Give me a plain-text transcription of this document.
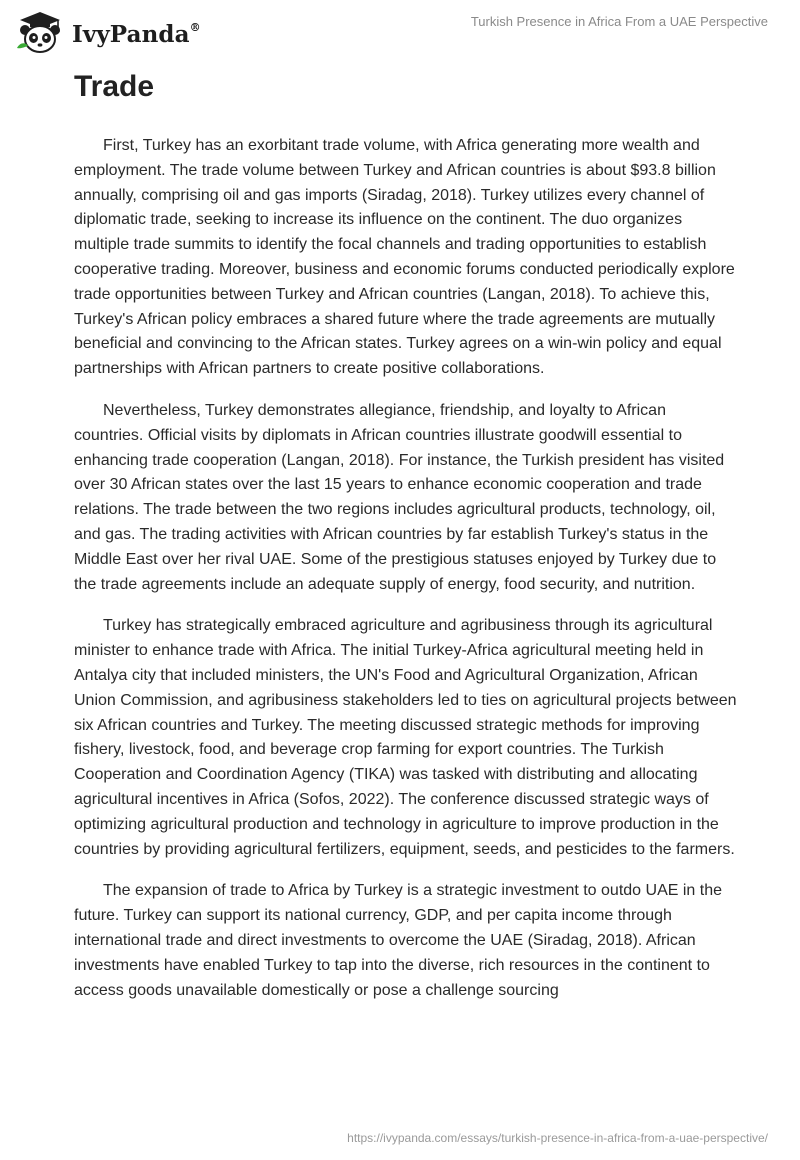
IvyPanda®	Turkish Presence in Africa From a UAE Perspective
Trade

First, Turkey has an exorbitant trade volume, with Africa generating more wealth and employment. The trade volume between Turkey and African countries is about $93.8 billion annually, comprising oil and gas imports (Siradag, 2018). Turkey utilizes every channel of diplomatic trade, seeking to increase its influence on the continent. The duo organizes multiple trade summits to identify the focal channels and trading opportunities to establish cooperative trading. Moreover, business and economic forums conducted periodically explore trade opportunities between Turkey and African countries (Langan, 2018). To achieve this, Turkey's African policy embraces a shared future where the trade agreements are mutually beneficial and convincing to the African states. Turkey agrees on a win-win policy and equal partnerships with African partners to create positive collaborations.

Nevertheless, Turkey demonstrates allegiance, friendship, and loyalty to African countries. Official visits by diplomats in African countries illustrate goodwill essential to enhancing trade cooperation (Langan, 2018). For instance, the Turkish president has visited over 30 African states over the last 15 years to enhance economic cooperation and trade relations. The trade between the two regions includes agricultural products, technology, oil, and gas. The trading activities with African countries by far establish Turkey's status in the Middle East over her rival UAE. Some of the prestigious statuses enjoyed by Turkey due to the trade agreements include an adequate supply of energy, food security, and nutrition.

Turkey has strategically embraced agriculture and agribusiness through its agricultural minister to enhance trade with Africa. The initial Turkey-Africa agricultural meeting held in Antalya city that included ministers, the UN's Food and Agricultural Organization, African Union Commission, and agribusiness stakeholders led to ties on agricultural projects between six African countries and Turkey. The meeting discussed strategic methods for improving fishery, livestock, food, and beverage crop farming for export countries. The Turkish Cooperation and Coordination Agency (TIKA) was tasked with distributing and allocating agricultural incentives in Africa (Sofos, 2022). The conference discussed strategic ways of optimizing agricultural production and technology in agriculture to improve production in the countries by providing agricultural fertilizers, equipment, seeds, and pesticides to the farmers.

The expansion of trade to Africa by Turkey is a strategic investment to outdo UAE in the future. Turkey can support its national currency, GDP, and per capita income through international trade and direct investments to overcome the UAE (Siradag, 2018). African investments have enabled Turkey to tap into the diverse, rich resources in the continent to access goods unavailable domestically or pose a challenge sourcing

https://ivypanda.com/essays/turkish-presence-in-africa-from-a-uae-perspective/
